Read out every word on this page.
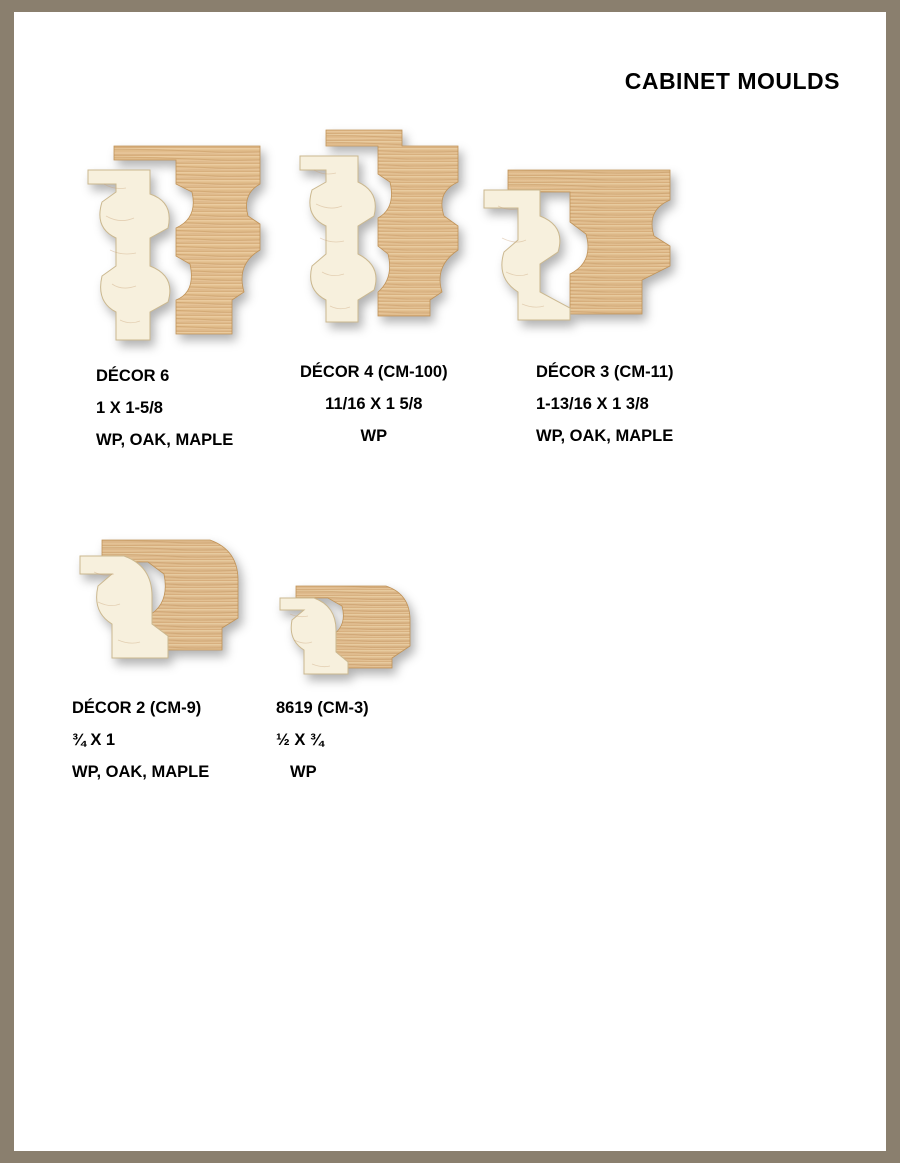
CABINET MOULDS
DÉCOR 6
1 X 1-5/8
WP, OAK, MAPLE
DÉCOR 4 (CM-100)
11/16 X 1 5/8
WP
DÉCOR 3 (CM-11)
1-13/16 X 1 3/8
WP, OAK, MAPLE
DÉCOR 2 (CM-9)
¾ X 1
WP, OAK, MAPLE
8619 (CM-3)
½ X ¾
WP
